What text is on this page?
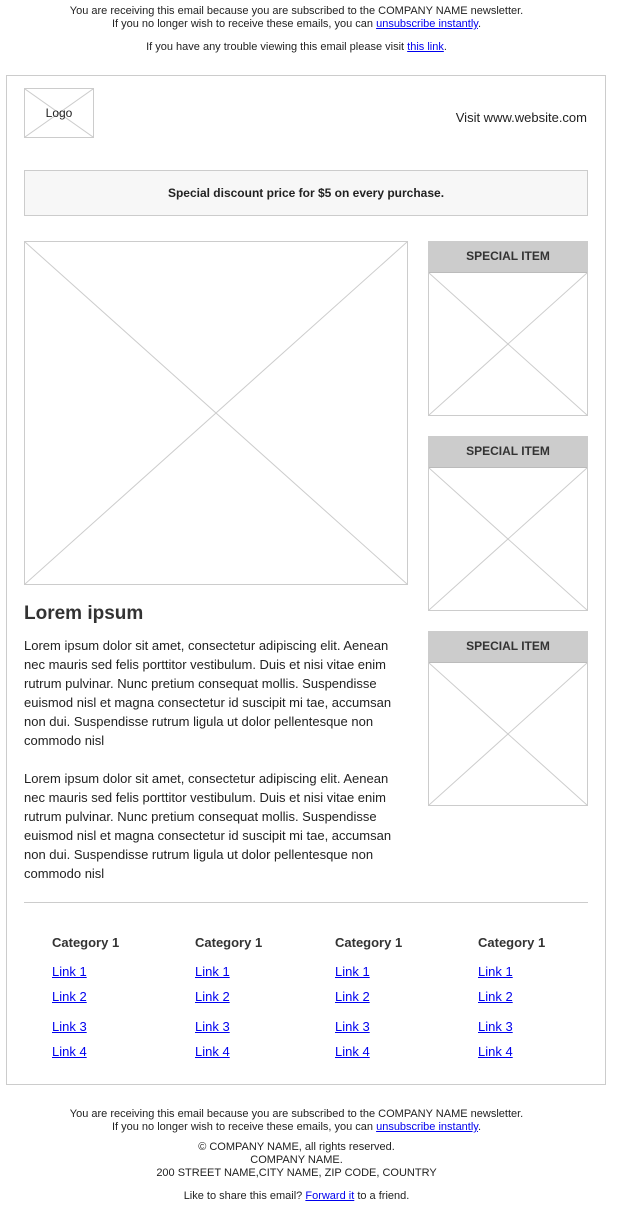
You are receiving this email because you are subscribed to the COMPANY NAME newsletter.
If you no longer wish to receive these emails, you can unsubscribe instantly.
If you have any trouble viewing this email please visit this link.
Logo	Visit www.website.com
Special discount price for $5 on every purchase.
SPECIAL ITEM
SPECIAL ITEM
SPECIAL ITEM
Lorem ipsum
Lorem ipsum dolor sit amet, consectetur adipiscing elit. Aenean nec mauris sed felis porttitor vestibulum. Duis et nisi vitae enim rutrum pulvinar. Nunc pretium consequat mollis. Suspendisse euismod nisl et magna consectetur id suscipit mi tae, accumsan non dui. Suspendisse rutrum ligula ut dolor pellentesque non commodo nisl
Lorem ipsum dolor sit amet, consectetur adipiscing elit. Aenean nec mauris sed felis porttitor vestibulum. Duis et nisi vitae enim rutrum pulvinar. Nunc pretium consequat mollis. Suspendisse euismod nisl et magna consectetur id suscipit mi tae, accumsan non dui. Suspendisse rutrum ligula ut dolor pellentesque non commodo nisl
Category 1
Link 1
Link 2
Link 3
Link 4
Category 1
Link 1
Link 2
Link 3
Link 4
Category 1
Link 1
Link 2
Link 3
Link 4
Category 1
Link 1
Link 2
Link 3
Link 4
You are receiving this email because you are subscribed to the COMPANY NAME newsletter.
If you no longer wish to receive these emails, you can unsubscribe instantly.
© COMPANY NAME, all rights reserved.
COMPANY NAME.
200 STREET NAME,CITY NAME, ZIP CODE, COUNTRY
Like to share this email? Forward it to a friend.
